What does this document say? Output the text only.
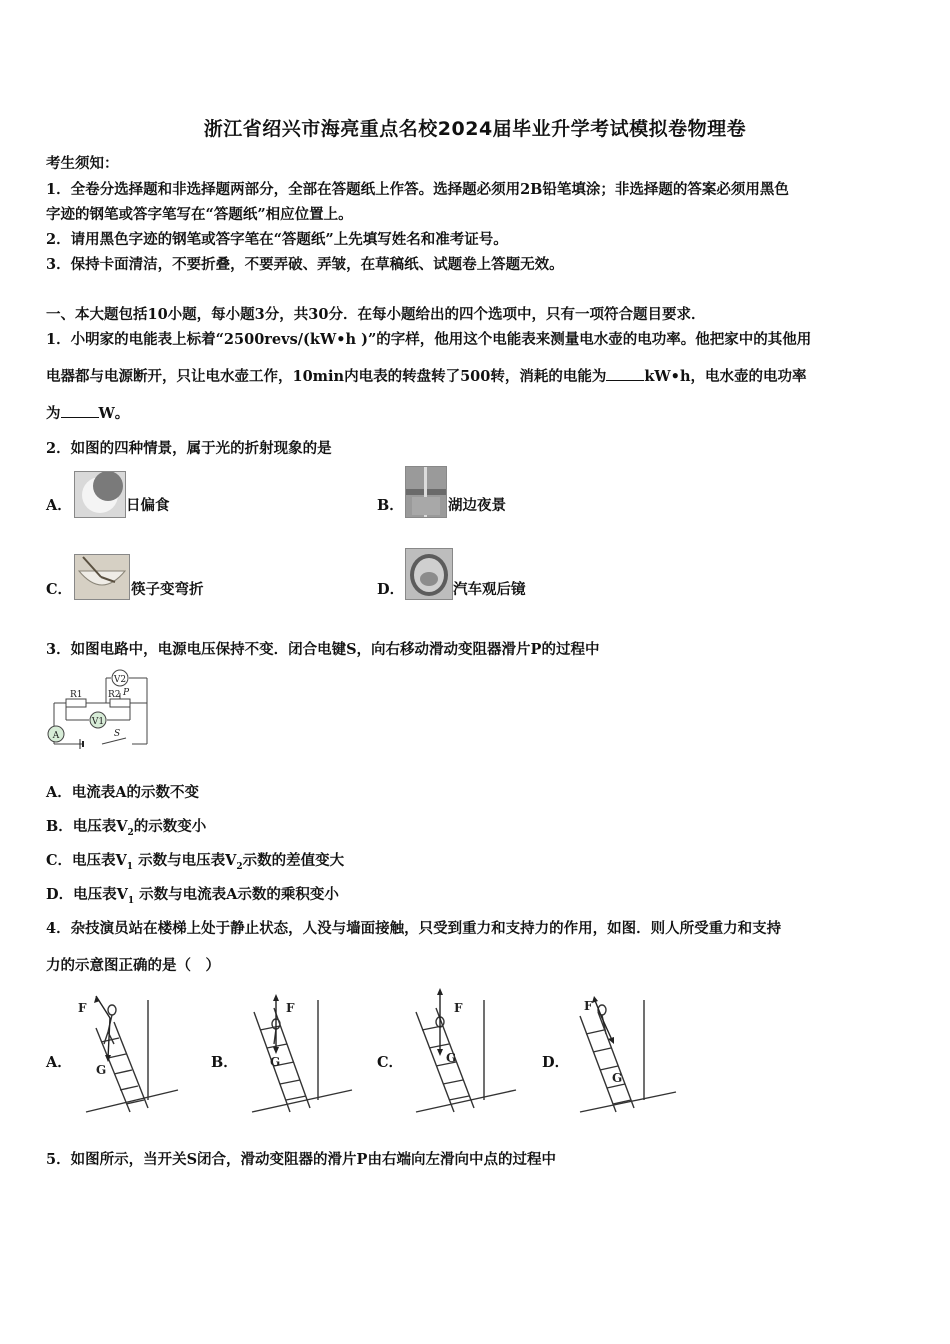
浙江省绍兴市海亮重点名校2024届毕业升学考试模拟卷物理卷
考生须知：
1．全卷分选择题和非选择题两部分，全部在答题纸上作答。选择题必须用2B铅笔填涂；非选择题的答案必须用黑色
字迹的钢笔或答字笔写在“答题纸”相应位置上。
2．请用黑色字迹的钢笔或答字笔在“答题纸”上先填写姓名和准考证号。
3．保持卡面清洁，不要折叠，不要弄破、弄皱，在草稿纸、试题卷上答题无效。
一、本大题包括10小题，每小题3分，共30分．在每小题给出的四个选项中，只有一项符合题目要求．
1．小明家的电能表上标着“2500revs/(kW•h )”的字样，他用这个电能表来测量电水壶的电功率。他把家中的其他用
电器都与电源断开，只让电水壶工作，10min内电表的转盘转了500转，消耗的电能为	kW•h，电水壶的电功率
为	W。
2．如图的四种情景，属于光的折射现象的是
A．	日偏食	B．	湖边夜景
C．	筷子变弯折	D．	汽车观后镜
3．如图电路中，电源电压保持不变．闭合电键S，向右移动滑动变阻器滑片P的过程中
V2
V1
A
R1	R2 P
S
A．电流表A的示数不变
B．电压表$V_2$的示数变小
C．电压表$V_1$ 示数与电压表$V_2$示数的差值变大
D．电压表$V_1$ 示数与电流表A示数的乘积变小
4．杂技演员站在楼梯上处于静止状态，人没与墙面接触，只受到重力和支持力的作用，如图．则人所受重力和支持
力的示意图正确的是（　）
A．
F
G	B．
F
G	C．
F
G	D．
F
G
5．如图所示，当开关S闭合，滑动变阻器的滑片P由右端向左滑向中点的过程中
